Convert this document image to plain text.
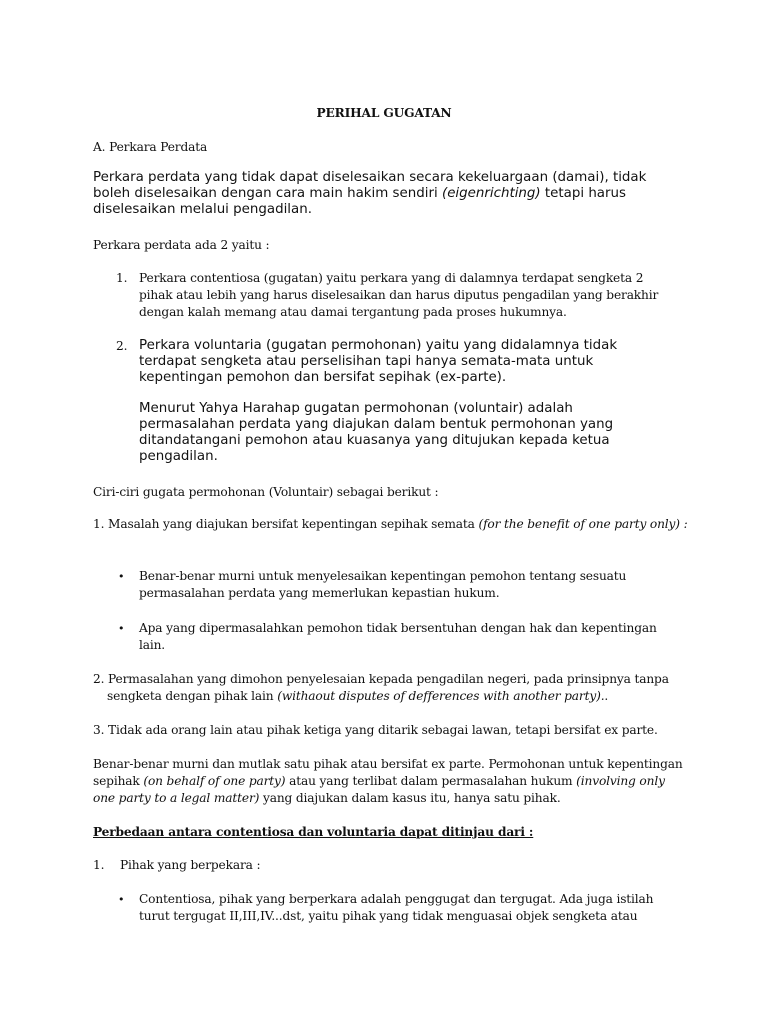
PERIHAL GUGATAN

A. Perkara Perdata

Perkara perdata yang tidak dapat diselesaikan secara kekeluargaan (damai), tidak boleh diselesaikan dengan cara main hakim sendiri (eigenrichting) tetapi harus diselesaikan melalui pengadilan.

Perkara perdata ada 2 yaitu :

1. Perkara contentiosa (gugatan) yaitu perkara yang di dalamnya terdapat sengketa 2 pihak atau lebih yang harus diselesaikan dan harus diputus pengadilan yang berakhir dengan kalah memang atau damai tergantung pada proses hukumnya.

2. Perkara voluntaria (gugatan permohonan) yaitu yang didalamnya tidak terdapat sengketa atau perselisihan tapi hanya semata-mata untuk kepentingan pemohon dan bersifat sepihak (ex-parte).

Menurut Yahya Harahap gugatan permohonan (voluntair) adalah permasalahan perdata yang diajukan dalam bentuk permohonan yang ditandatangani pemohon atau kuasanya yang ditujukan kepada ketua pengadilan.

Ciri-ciri gugata permohonan (Voluntair) sebagai berikut :

1. Masalah yang diajukan bersifat kepentingan sepihak semata (for the benefit of one party only) :

• Benar-benar murni untuk menyelesaikan kepentingan pemohon tentang sesuatu permasalahan perdata yang memerlukan kepastian hukum.

• Apa yang dipermasalahkan pemohon tidak bersentuhan dengan hak dan kepentingan lain.

2. Permasalahan yang dimohon penyelesaian kepada pengadilan negeri, pada prinsipnya tanpa sengketa dengan pihak lain (withaout disputes of defferences with another party)..

3. Tidak ada orang lain atau pihak ketiga yang ditarik sebagai lawan, tetapi bersifat ex parte.

Benar-benar murni dan mutlak satu pihak atau bersifat ex parte. Permohonan untuk kepentingan sepihak (on behalf of one party) atau yang terlibat dalam permasalahan hukum (involving only one party to a legal matter) yang diajukan dalam kasus itu, hanya satu pihak.

Perbedaan antara contentiosa dan voluntaria dapat ditinjau dari :

1. Pihak yang berpekara :

• Contentiosa, pihak yang berperkara adalah penggugat dan tergugat. Ada juga istilah turut tergugat II,III,IV...dst, yaitu pihak yang tidak menguasai objek sengketa atau
